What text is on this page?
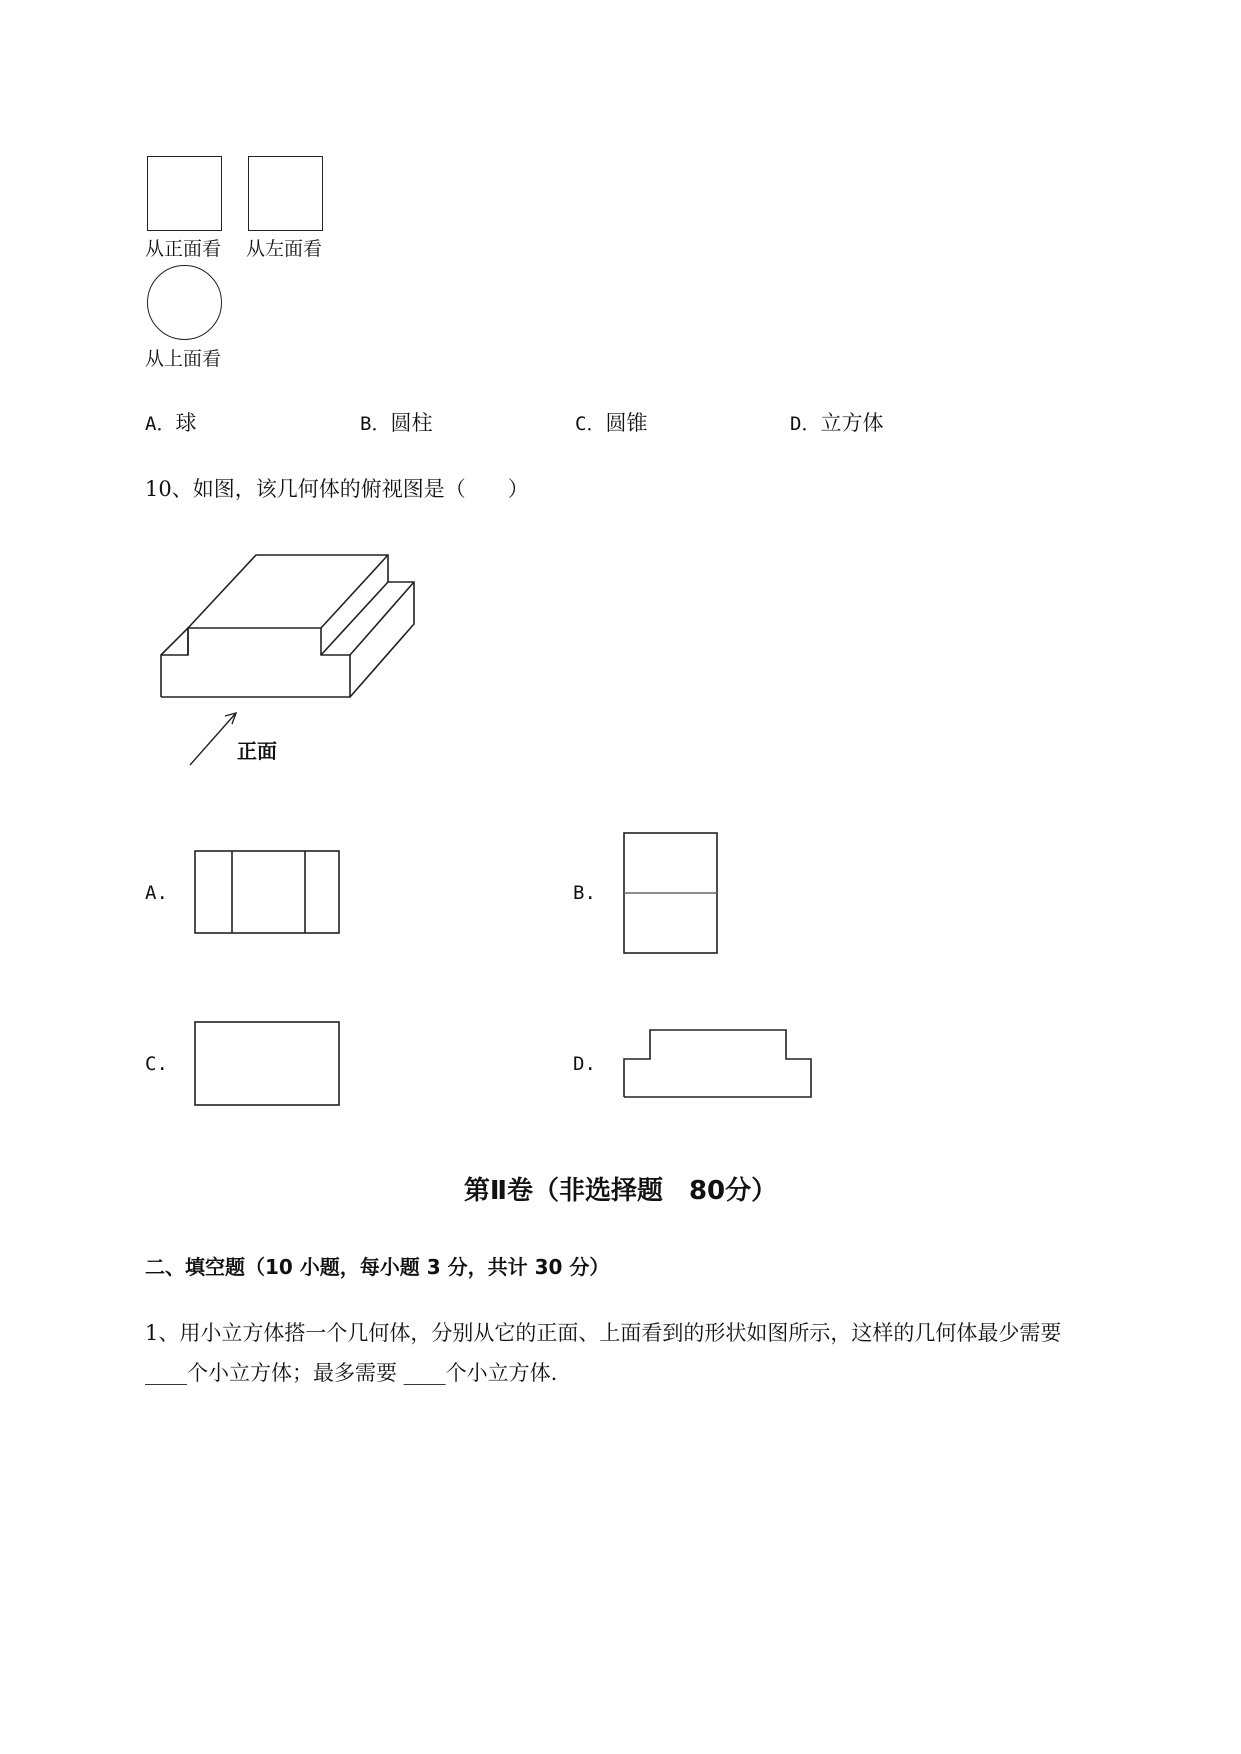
从正面看 从左面看
从上面看
A．球	B．圆柱	C．圆锥	D．立方体
10、如图，该几何体的俯视图是（　　）
正面
A.	B.
C.	D.
第Ⅱ卷（非选择题　80分）
二、填空题（10 小题，每小题 3 分，共计 30 分）
1、用小立方体搭一个几何体，分别从它的正面、上面看到的形状如图所示，这样的几何体最少需要
____个小立方体；最多需要 ____个小立方体.
